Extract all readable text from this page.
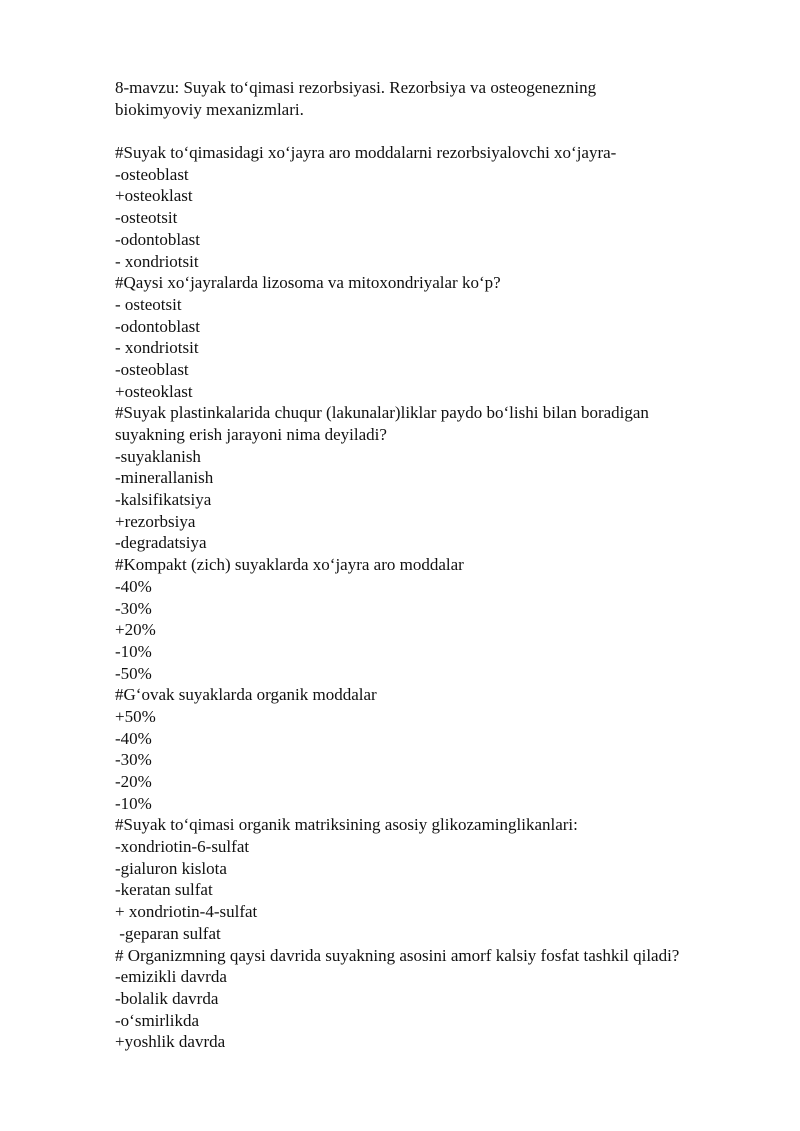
8-mavzu: Suyak to‘qimasi rezorbsiyasi. Rezorbsiya va osteogenezning
biokimyoviy mexanizmlari.
#Suyak to‘qimasidagi xo‘jayra aro moddalarni rezorbsiyalovchi xo‘jayra-
-osteoblast
+osteoklast
-osteotsit
-odontoblast
- xondriotsit
#Qaysi xo‘jayralarda lizosoma va mitoxondriyalar ko‘p?
- osteotsit
-odontoblast
- xondriotsit
-osteoblast
+osteoklast
#Suyak plastinkalarida chuqur (lakunalar)liklar paydo bo‘lishi bilan boradigan
suyakning erish jarayoni nima deyiladi?
-suyaklanish
-minerallanish
-kalsifikatsiya
+rezorbsiya
-degradatsiya
#Kompakt (zich) suyaklarda xo‘jayra aro moddalar
-40%
-30%
+20%
-10%
-50%
#G‘ovak suyaklarda organik moddalar
+50%
-40%
-30%
-20%
-10%
#Suyak to‘qimasi organik matriksining asosiy glikozaminglikanlari:
-xondriotin-6-sulfat
-gialuron kislota
-keratan sulfat
+ xondriotin-4-sulfat
-geparan sulfat
# Organizmning qaysi davrida suyakning asosini amorf kalsiy fosfat tashkil qiladi?
-emizikli davrda
-bolalik davrda
-o‘smirlikda
+yoshlik davrda
